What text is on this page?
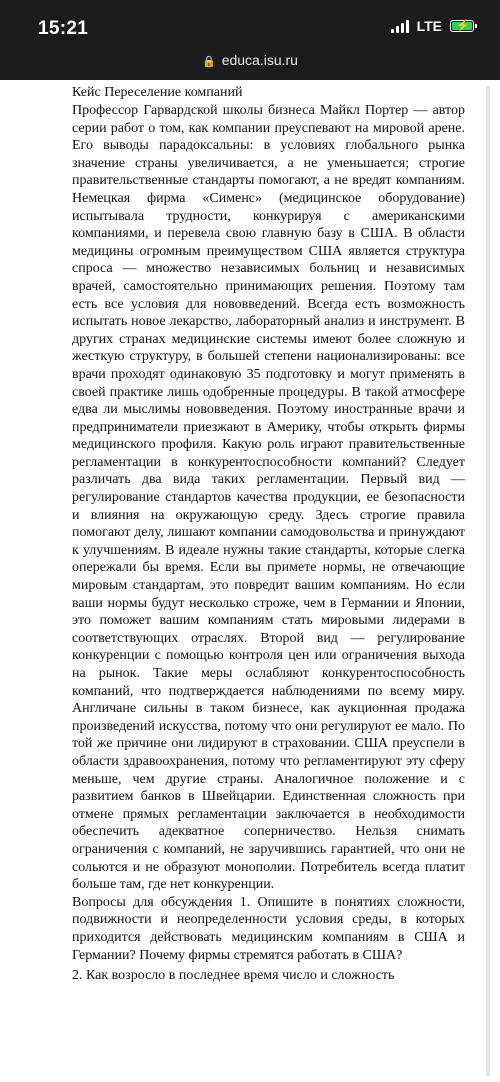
15:21	LTE ⚡
🔒 educa.isu.ru
Кейс Переселение компаний

Профессор Гарвардской школы бизнеса Майкл Портер — автор серии работ о том, как компании преуспевают на мировой арене. Его выводы парадоксальны: в условиях глобального рынка значение страны увеличивается, а не уменьшается; строгие правительственные стандарты помогают, а не вредят компаниям. Немецкая фирма «Сименс» (медицинское оборудование) испытывала трудности, конкурируя с американскими компаниями, и перевела свою главную базу в США. В области медицины огромным преимуществом США является структура спроса — множество независимых больниц и независимых врачей, самостоятельно принимающих решения. Поэтому там есть все условия для нововведений. Всегда есть возможность испытать новое лекарство, лабораторный анализ и инструмент. В других странах медицинские системы имеют более сложную и жесткую структуру, в большей степени национализированы: все врачи проходят одинаковую 35 подготовку и могут применять в своей практике лишь одобренные процедуры. В такой атмосфере едва ли мыслимы нововведения. Поэтому иностранные врачи и предприниматели приезжают в Америку, чтобы открыть фирмы медицинского профиля. Какую роль играют правительственные регламентации в конкурентоспособности компаний? Следует различать два вида таких регламентации. Первый вид — регулирование стандартов качества продукции, ее безопасности и влияния на окружающую среду. Здесь строгие правила помогают делу, лишают компании самодовольства и принуждают к улучшениям. В идеале нужны такие стандарты, которые слегка опережали бы время. Если вы примете нормы, не отвечающие мировым стандартам, это повредит вашим компаниям. Но если ваши нормы будут несколько строже, чем в Германии и Японии, это поможет вашим компаниям стать мировыми лидерами в соответствующих отраслях. Второй вид — регулирование конкуренции с помощью контроля цен или ограничения выхода на рынок. Такие меры ослабляют конкурентоспособность компаний, что подтверждается наблюдениями по всему миру. Англичане сильны в таком бизнесе, как аукционная продажа произведений искусства, потому что они регулируют ее мало. По той же причине они лидируют в страховании. США преуспели в области здравоохранения, потому что регламентируют эту сферу меньше, чем другие страны. Аналогичное положение и с развитием банков в Швейцарии. Единственная сложность при отмене прямых регламентации заключается в необходимости обеспечить адекватное соперничество. Нельзя снимать ограничения с компаний, не заручившись гарантией, что они не сольются и не образуют монополии. Потребитель всегда платит больше там, где нет конкуренции.

Вопросы для обсуждения 1. Опишите в понятиях сложности, подвижности и неопределенности условия среды, в которых приходится действовать медицинским компаниям в США и Германии? Почему фирмы стремятся работать в США?

2. Как возросло в последнее время число и сложность
